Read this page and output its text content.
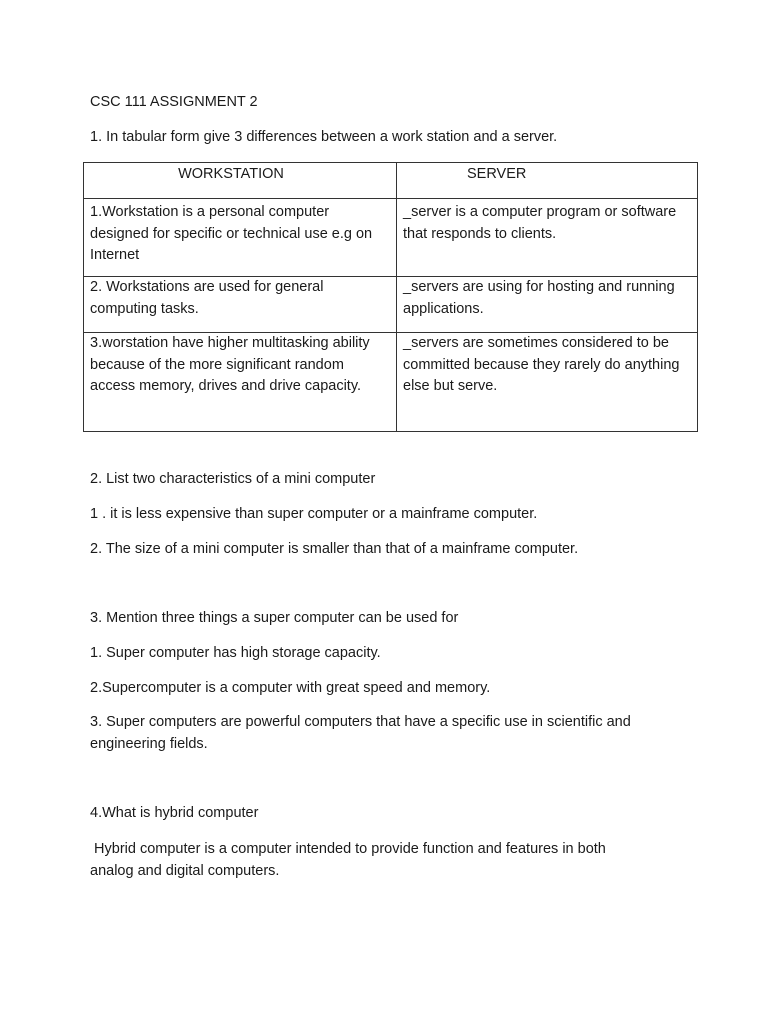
CSC 111 ASSIGNMENT 2

1. In tabular form give 3 differences between a work station and a server.

WORKSTATION	SERVER
1.Workstation is a personal computer designed for specific or technical use e.g on Internet	_server is a computer program or software that responds to clients.
2. Workstations are used for general computing tasks.	_servers are using for hosting and running applications.
3.worstation have higher multitasking ability because of the more significant random access memory, drives and drive capacity.	_servers are sometimes considered to be committed because they rarely do anything else but serve.

2. List two characteristics of a mini computer

1 . it is less expensive than super computer or a mainframe computer.

2. The size of a mini computer is smaller than that of a mainframe computer.

3. Mention three things a super computer can be used for

1. Super computer has high storage capacity.

2.Supercomputer is a computer with great speed and memory.

3. Super computers are powerful computers that have a specific use in scientific and engineering fields.

4.What is hybrid computer

Hybrid computer is a computer intended to provide function and features in both analog and digital computers.
